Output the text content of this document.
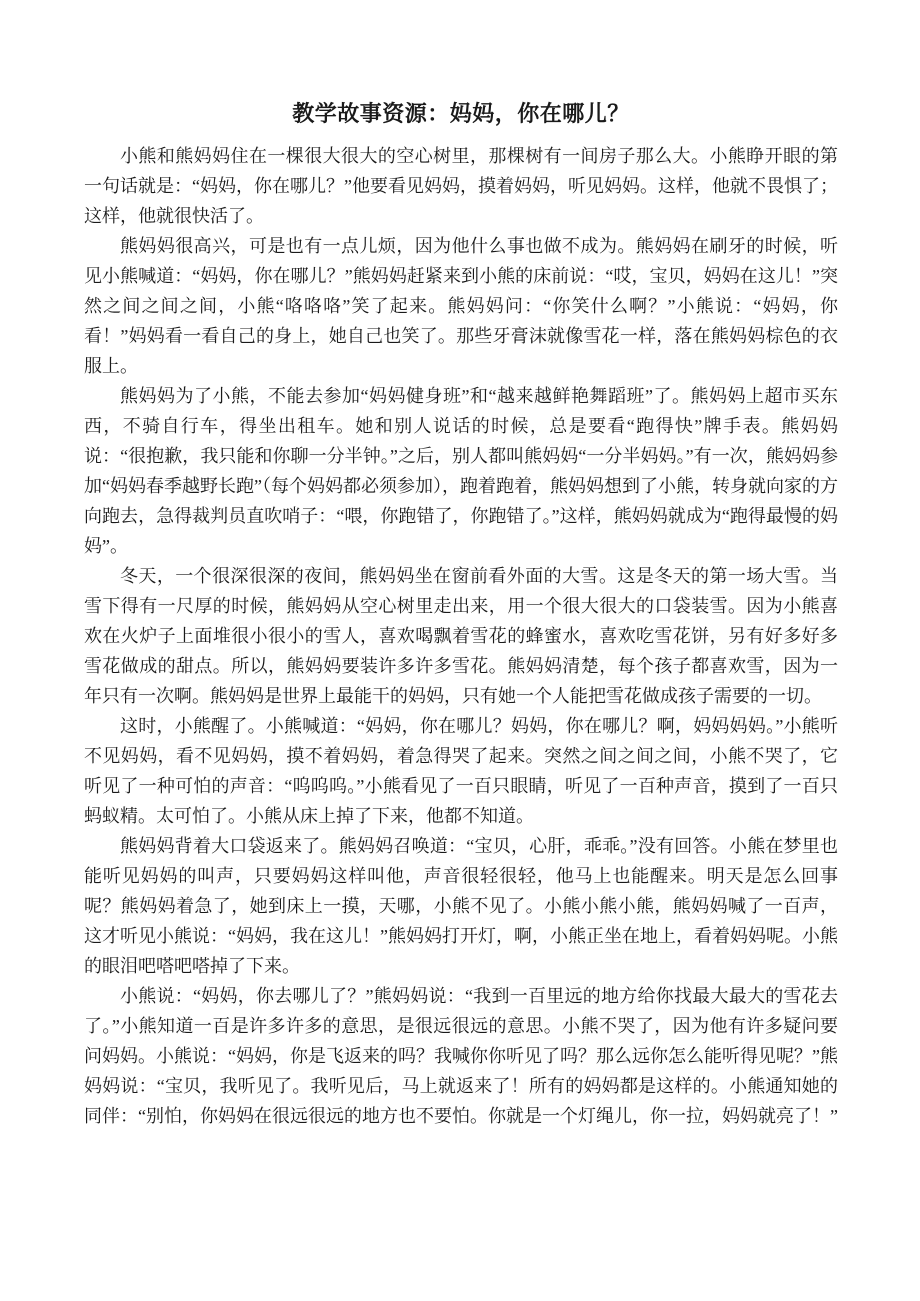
教学故事资源：妈妈，你在哪儿？

小熊和熊妈妈住在一棵很大很大的空心树里，那棵树有一间房子那么大。小熊睁开眼的第一句话就是：“妈妈，你在哪儿？”他要看见妈妈，摸着妈妈，听见妈妈。这样，他就不畏惧了；这样，他就很快活了。

熊妈妈很高兴，可是也有一点儿烦，因为他什么事也做不成为。熊妈妈在刷牙的时候，听见小熊喊道：“妈妈，你在哪儿？”熊妈妈赶紧来到小熊的床前说：“哎，宝贝，妈妈在这儿！”突然之间之间之间，小熊“咯咯咯”笑了起来。熊妈妈问：“你笑什么啊？”小熊说：“妈妈，你看！”妈妈看一看自己的身上，她自己也笑了。那些牙膏沫就像雪花一样，落在熊妈妈棕色的衣服上。

熊妈妈为了小熊，不能去参加“妈妈健身班”和“越来越鲜艳舞蹈班”了。熊妈妈上超市买东西，不骑自行车，得坐出租车。她和别人说话的时候，总是要看“跑得快”牌手表。熊妈妈说：“很抱歉，我只能和你聊一分半钟。”之后，别人都叫熊妈妈“一分半妈妈。”有一次，熊妈妈参加“妈妈春季越野长跑”（每个妈妈都必须参加），跑着跑着，熊妈妈想到了小熊，转身就向家的方向跑去，急得裁判员直吹哨子：“喂，你跑错了，你跑错了。”这样，熊妈妈就成为“跑得最慢的妈妈”。

冬天，一个很深很深的夜间，熊妈妈坐在窗前看外面的大雪。这是冬天的第一场大雪。当雪下得有一尺厚的时候，熊妈妈从空心树里走出来，用一个很大很大的口袋装雪。因为小熊喜欢在火炉子上面堆很小很小的雪人，喜欢喝飘着雪花的蜂蜜水，喜欢吃雪花饼，另有好多好多雪花做成的甜点。所以，熊妈妈要装许多许多雪花。熊妈妈清楚，每个孩子都喜欢雪，因为一年只有一次啊。熊妈妈是世界上最能干的妈妈，只有她一个人能把雪花做成孩子需要的一切。

这时，小熊醒了。小熊喊道：“妈妈，你在哪儿？妈妈，你在哪儿？啊，妈妈妈妈。”小熊听不见妈妈，看不见妈妈，摸不着妈妈，着急得哭了起来。突然之间之间之间，小熊不哭了，它听见了一种可怕的声音：“呜呜呜。”小熊看见了一百只眼睛，听见了一百种声音，摸到了一百只蚂蚁精。太可怕了。小熊从床上掉了下来，他都不知道。

熊妈妈背着大口袋返来了。熊妈妈召唤道：“宝贝，心肝，乖乖。”没有回答。小熊在梦里也能听见妈妈的叫声，只要妈妈这样叫他，声音很轻很轻，他马上也能醒来。明天是怎么回事呢？熊妈妈着急了，她到床上一摸，天哪，小熊不见了。小熊小熊小熊，熊妈妈喊了一百声，这才听见小熊说：“妈妈，我在这儿！”熊妈妈打开灯，啊，小熊正坐在地上，看着妈妈呢。小熊的眼泪吧嗒吧嗒掉了下来。

小熊说：“妈妈，你去哪儿了？”熊妈妈说：“我到一百里远的地方给你找最大最大的雪花去了。”小熊知道一百是许多许多的意思，是很远很远的意思。小熊不哭了，因为他有许多疑问要问妈妈。小熊说：“妈妈，你是飞返来的吗？我喊你你听见了吗？那么远你怎么能听得见呢？”熊妈妈说：“宝贝，我听见了。我听见后，马上就返来了！所有的妈妈都是这样的。小熊通知她的同伴：“别怕，你妈妈在很远很远的地方也不要怕。你就是一个灯绳儿，你一拉，妈妈就亮了！”
